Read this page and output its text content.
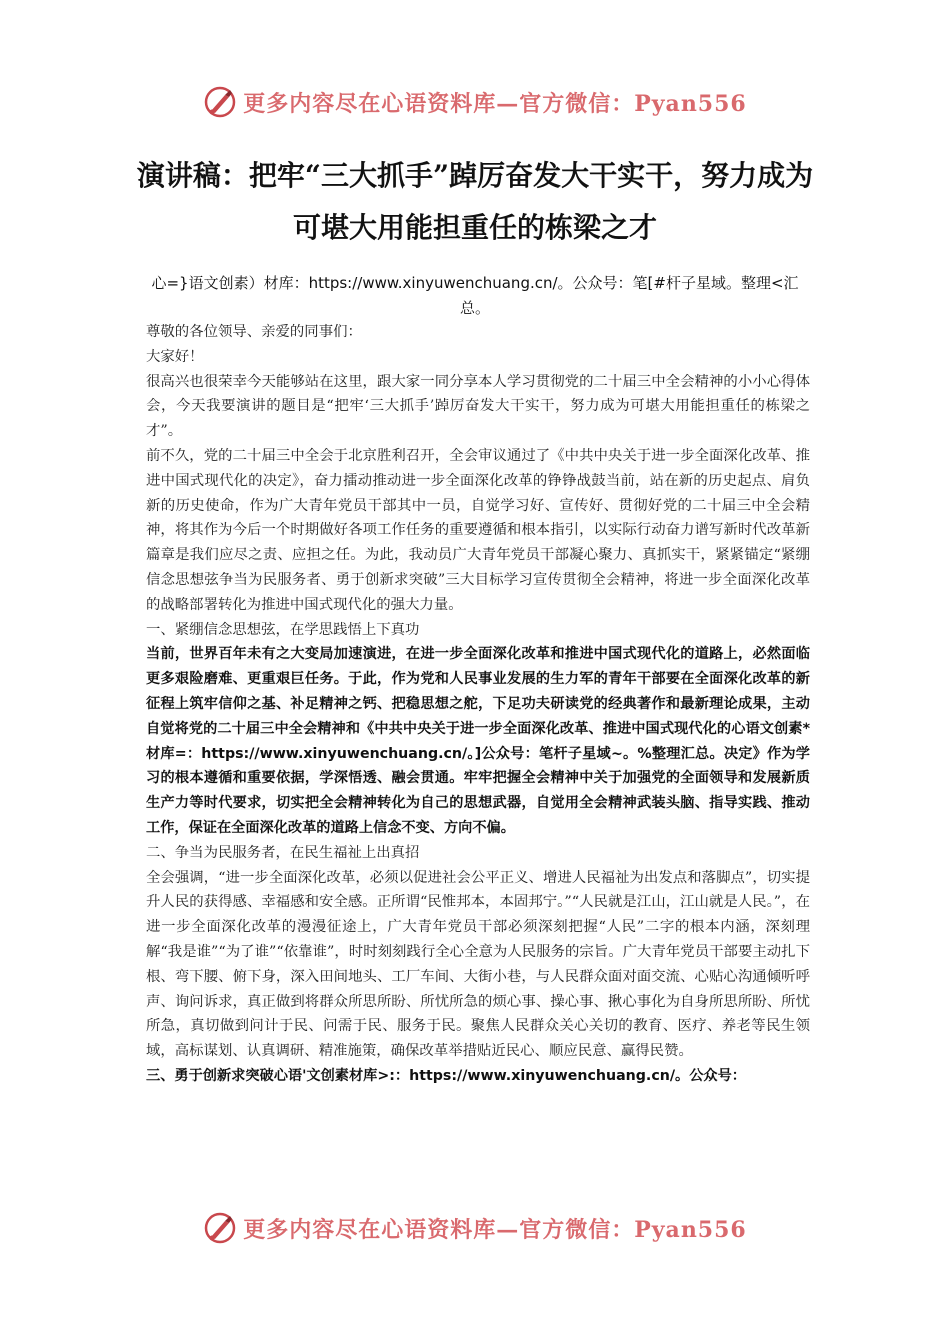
更多内容尽在心语资料库—官方微信：Pyan556
演讲稿：把牢“三大抓手”踔厉奋发大干实干，努力成为可堪大用能担重任的栋梁之才

心=}语文创素）材库：https://www.xinyuwenchuang.cn/。公众号：笔[#杆子星域。整理<汇总。

尊敬的各位领导、亲爱的同事们：

大家好！

很高兴也很荣幸今天能够站在这里，跟大家一同分享本人学习贯彻党的二十届三中全会精神的小小心得体会，今天我要演讲的题目是“把牢‘三大抓手’踔厉奋发大干实干，努力成为可堪大用能担重任的栋梁之才”。

前不久，党的二十届三中全会于北京胜利召开，全会审议通过了《中共中央关于进一步全面深化改革、推进中国式现代化的决定》，奋力擂动推动进一步全面深化改革的铮铮战鼓当前，站在新的历史起点、肩负新的历史使命，作为广大青年党员干部其中一员，自觉学习好、宣传好、贯彻好党的二十届三中全会精神，将其作为今后一个时期做好各项工作任务的重要遵循和根本指引，以实际行动奋力谱写新时代改革新篇章是我们应尽之责、应担之任。为此，我动员广大青年党员干部凝心聚力、真抓实干，紧紧锚定“紧绷信念思想弦争当为民服务者、勇于创新求突破”三大目标学习宣传贯彻全会精神，将进一步全面深化改革的战略部署转化为推进中国式现代化的强大力量。

一、紧绷信念思想弦，在学思践悟上下真功

当前，世界百年未有之大变局加速演进，在进一步全面深化改革和推进中国式现代化的道路上，必然面临更多艰险磨难、更重艰巨任务。于此，作为党和人民事业发展的生力军的青年干部要在全面深化改革的新征程上筑牢信仰之基、补足精神之钙、把稳思想之舵，下足功夫研读党的经典著作和最新理论成果，主动自觉将党的二十届三中全会精神和《中共中央关于进一步全面深化改革、推进中国式现代化的心语文创素*材库=：https://www.xinyuwenchuang.cn/。]公众号：笔杆子星域~。%整理汇总。决定》作为学习的根本遵循和重要依据，学深悟透、融会贯通。牢牢把握全会精神中关于加强党的全面领导和发展新质生产力等时代要求，切实把全会精神转化为自己的思想武器，自觉用全会精神武装头脑、指导实践、推动工作，保证在全面深化改革的道路上信念不变、方向不偏。

二、争当为民服务者，在民生福祉上出真招

全会强调，“进一步全面深化改革，必须以促进社会公平正义、增进人民福祉为出发点和落脚点”，切实提升人民的获得感、幸福感和安全感。正所谓“民惟邦本，本固邦宁。”“人民就是江山，江山就是人民。”，在进一步全面深化改革的漫漫征途上，广大青年党员干部必须深刻把握“人民”二字的根本内涵，深刻理解“我是谁”“为了谁”“依靠谁”，时时刻刻践行全心全意为人民服务的宗旨。广大青年党员干部要主动扎下根、弯下腰、俯下身，深入田间地头、工厂车间、大街小巷，与人民群众面对面交流、心贴心沟通倾听呼声、询问诉求，真正做到将群众所思所盼、所忧所急的烦心事、操心事、揪心事化为自身所思所盼、所忧所急，真切做到问计于民、问需于民、服务于民。聚焦人民群众关心关切的教育、医疗、养老等民生领域，高标谋划、认真调研、精准施策，确保改革举措贴近民心、顺应民意、赢得民赞。

三、勇于创新求突破心语'文创素材库>:：https://www.xinyuwenchuang.cn/。公众号：

更多内容尽在心语资料库—官方微信：Pyan556
